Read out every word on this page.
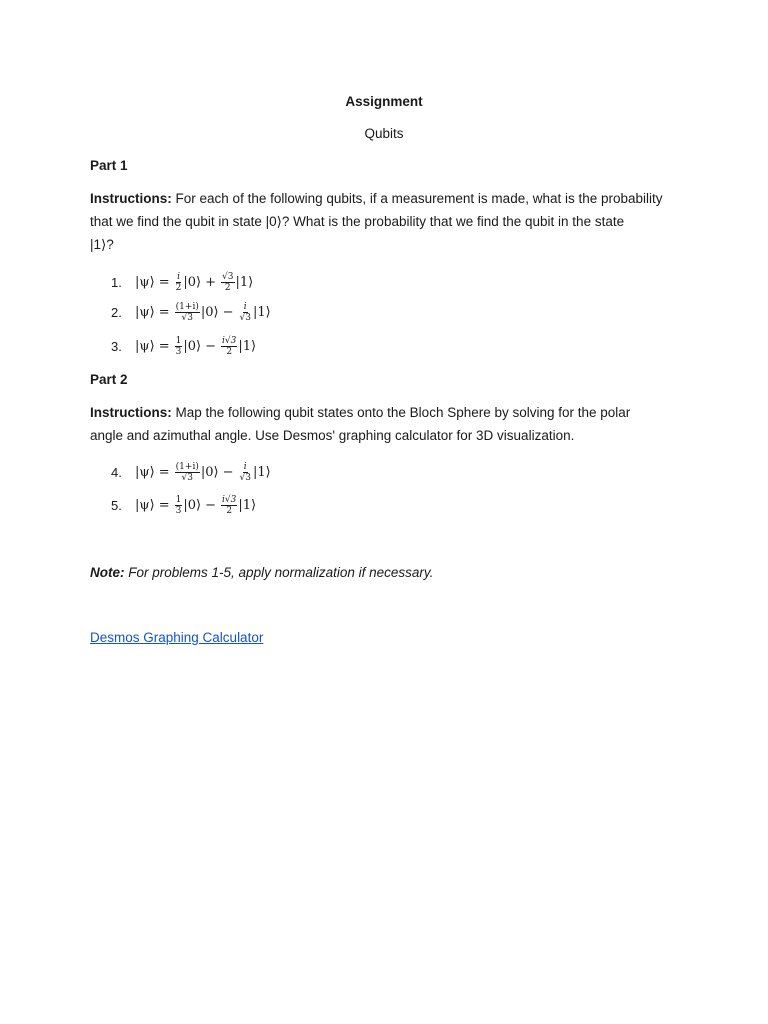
Assignment
Qubits
Part 1
Instructions: For each of the following qubits, if a measurement is made, what is the probability
that we find the qubit in state |0⟩? What is the probability that we find the qubit in the state
|1⟩?
1.	|ψ⟩ = $\frac{i}{2}$ |0⟩ + $\frac{√3}{2}$ |1⟩
2.	|ψ⟩ = $\frac{(1+i)}{√3}$ |0⟩ − $\frac{i}{√3}$ |1⟩
3.	|ψ⟩ = $\frac{1}{3}$ |0⟩ − $\frac{i√3}{2}$ |1⟩
Part 2
Instructions: Map the following qubit states onto the Bloch Sphere by solving for the polar
angle and azimuthal angle. Use Desmos' graphing calculator for 3D visualization.
4.	|ψ⟩ = $\frac{(1+i)}{√3}$ |0⟩ − $\frac{i}{√3}$ |1⟩
5.	|ψ⟩ = $\frac{1}{3}$ |0⟩ − $\frac{i√3}{2}$ |1⟩
Note: For problems 1-5, apply normalization if necessary.
Desmos Graphing Calculator
